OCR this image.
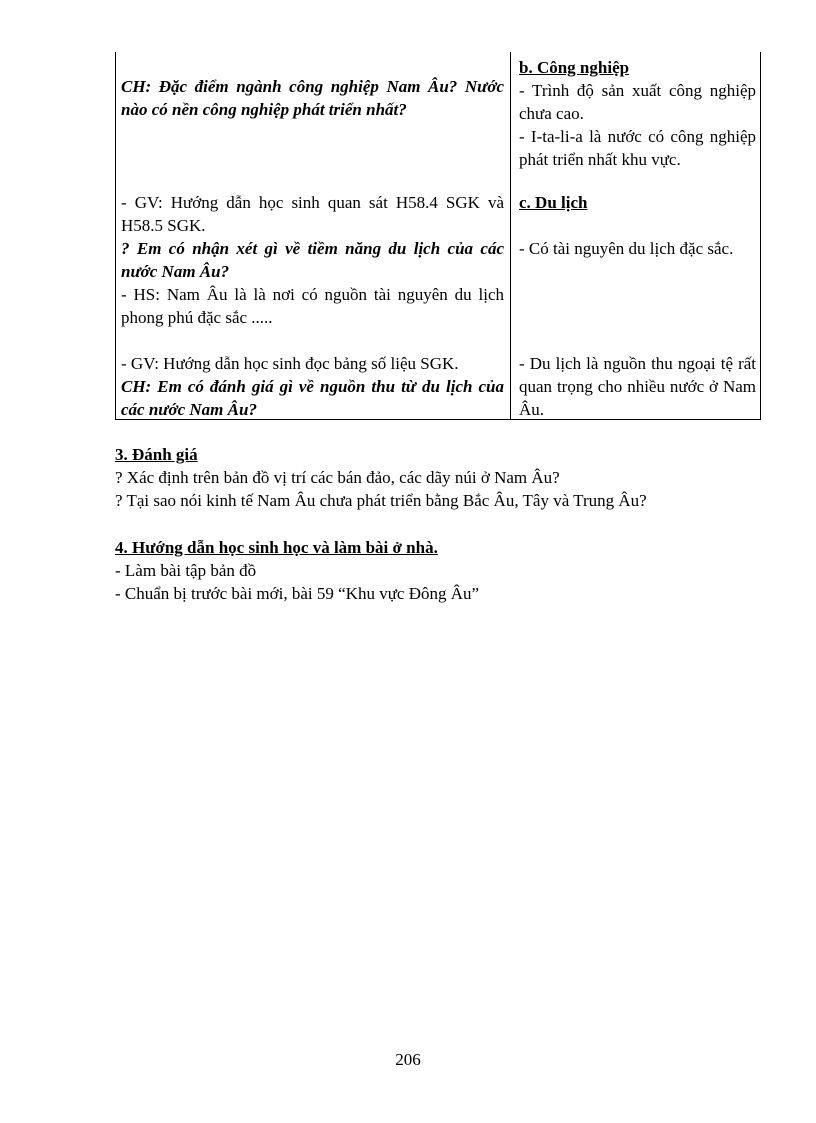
CH: Đặc điểm ngành công nghiệp Nam Âu? Nước nào có nền công nghiệp phát triển nhất?
b. Công nghiệp
- Trình độ sản xuất công nghiệp chưa cao.
- I-ta-li-a là nước có công nghiệp phát triển nhất khu vực.
- GV: Hướng dẫn học sinh quan sát H58.4 SGK và H58.5 SGK.
? Em có nhận xét gì về tiềm năng du lịch của các nước Nam Âu?
- HS: Nam Âu là là nơi có nguồn tài nguyên du lịch phong phú đặc sắc .....
c. Du lịch
- Có tài nguyên du lịch đặc sắc.
- GV: Hướng dẫn học sinh đọc bảng số liệu SGK.
CH: Em có đánh giá gì về nguồn thu từ du lịch của các nước Nam Âu?
- Du lịch là nguồn thu ngoại tệ rất quan trọng cho nhiều nước ở Nam Âu.
3. Đánh giá
? Xác định trên bản đồ vị trí các bán đảo, các dãy núi ở Nam Âu?
? Tại sao nói kinh tế Nam Âu chưa phát triển bằng Bắc Âu, Tây và Trung Âu?
4. Hướng dẫn học sinh học và làm bài ở nhà.
- Làm bài tập bản đồ
- Chuẩn bị trước bài mới, bài 59 “Khu vực Đông Âu”
206
